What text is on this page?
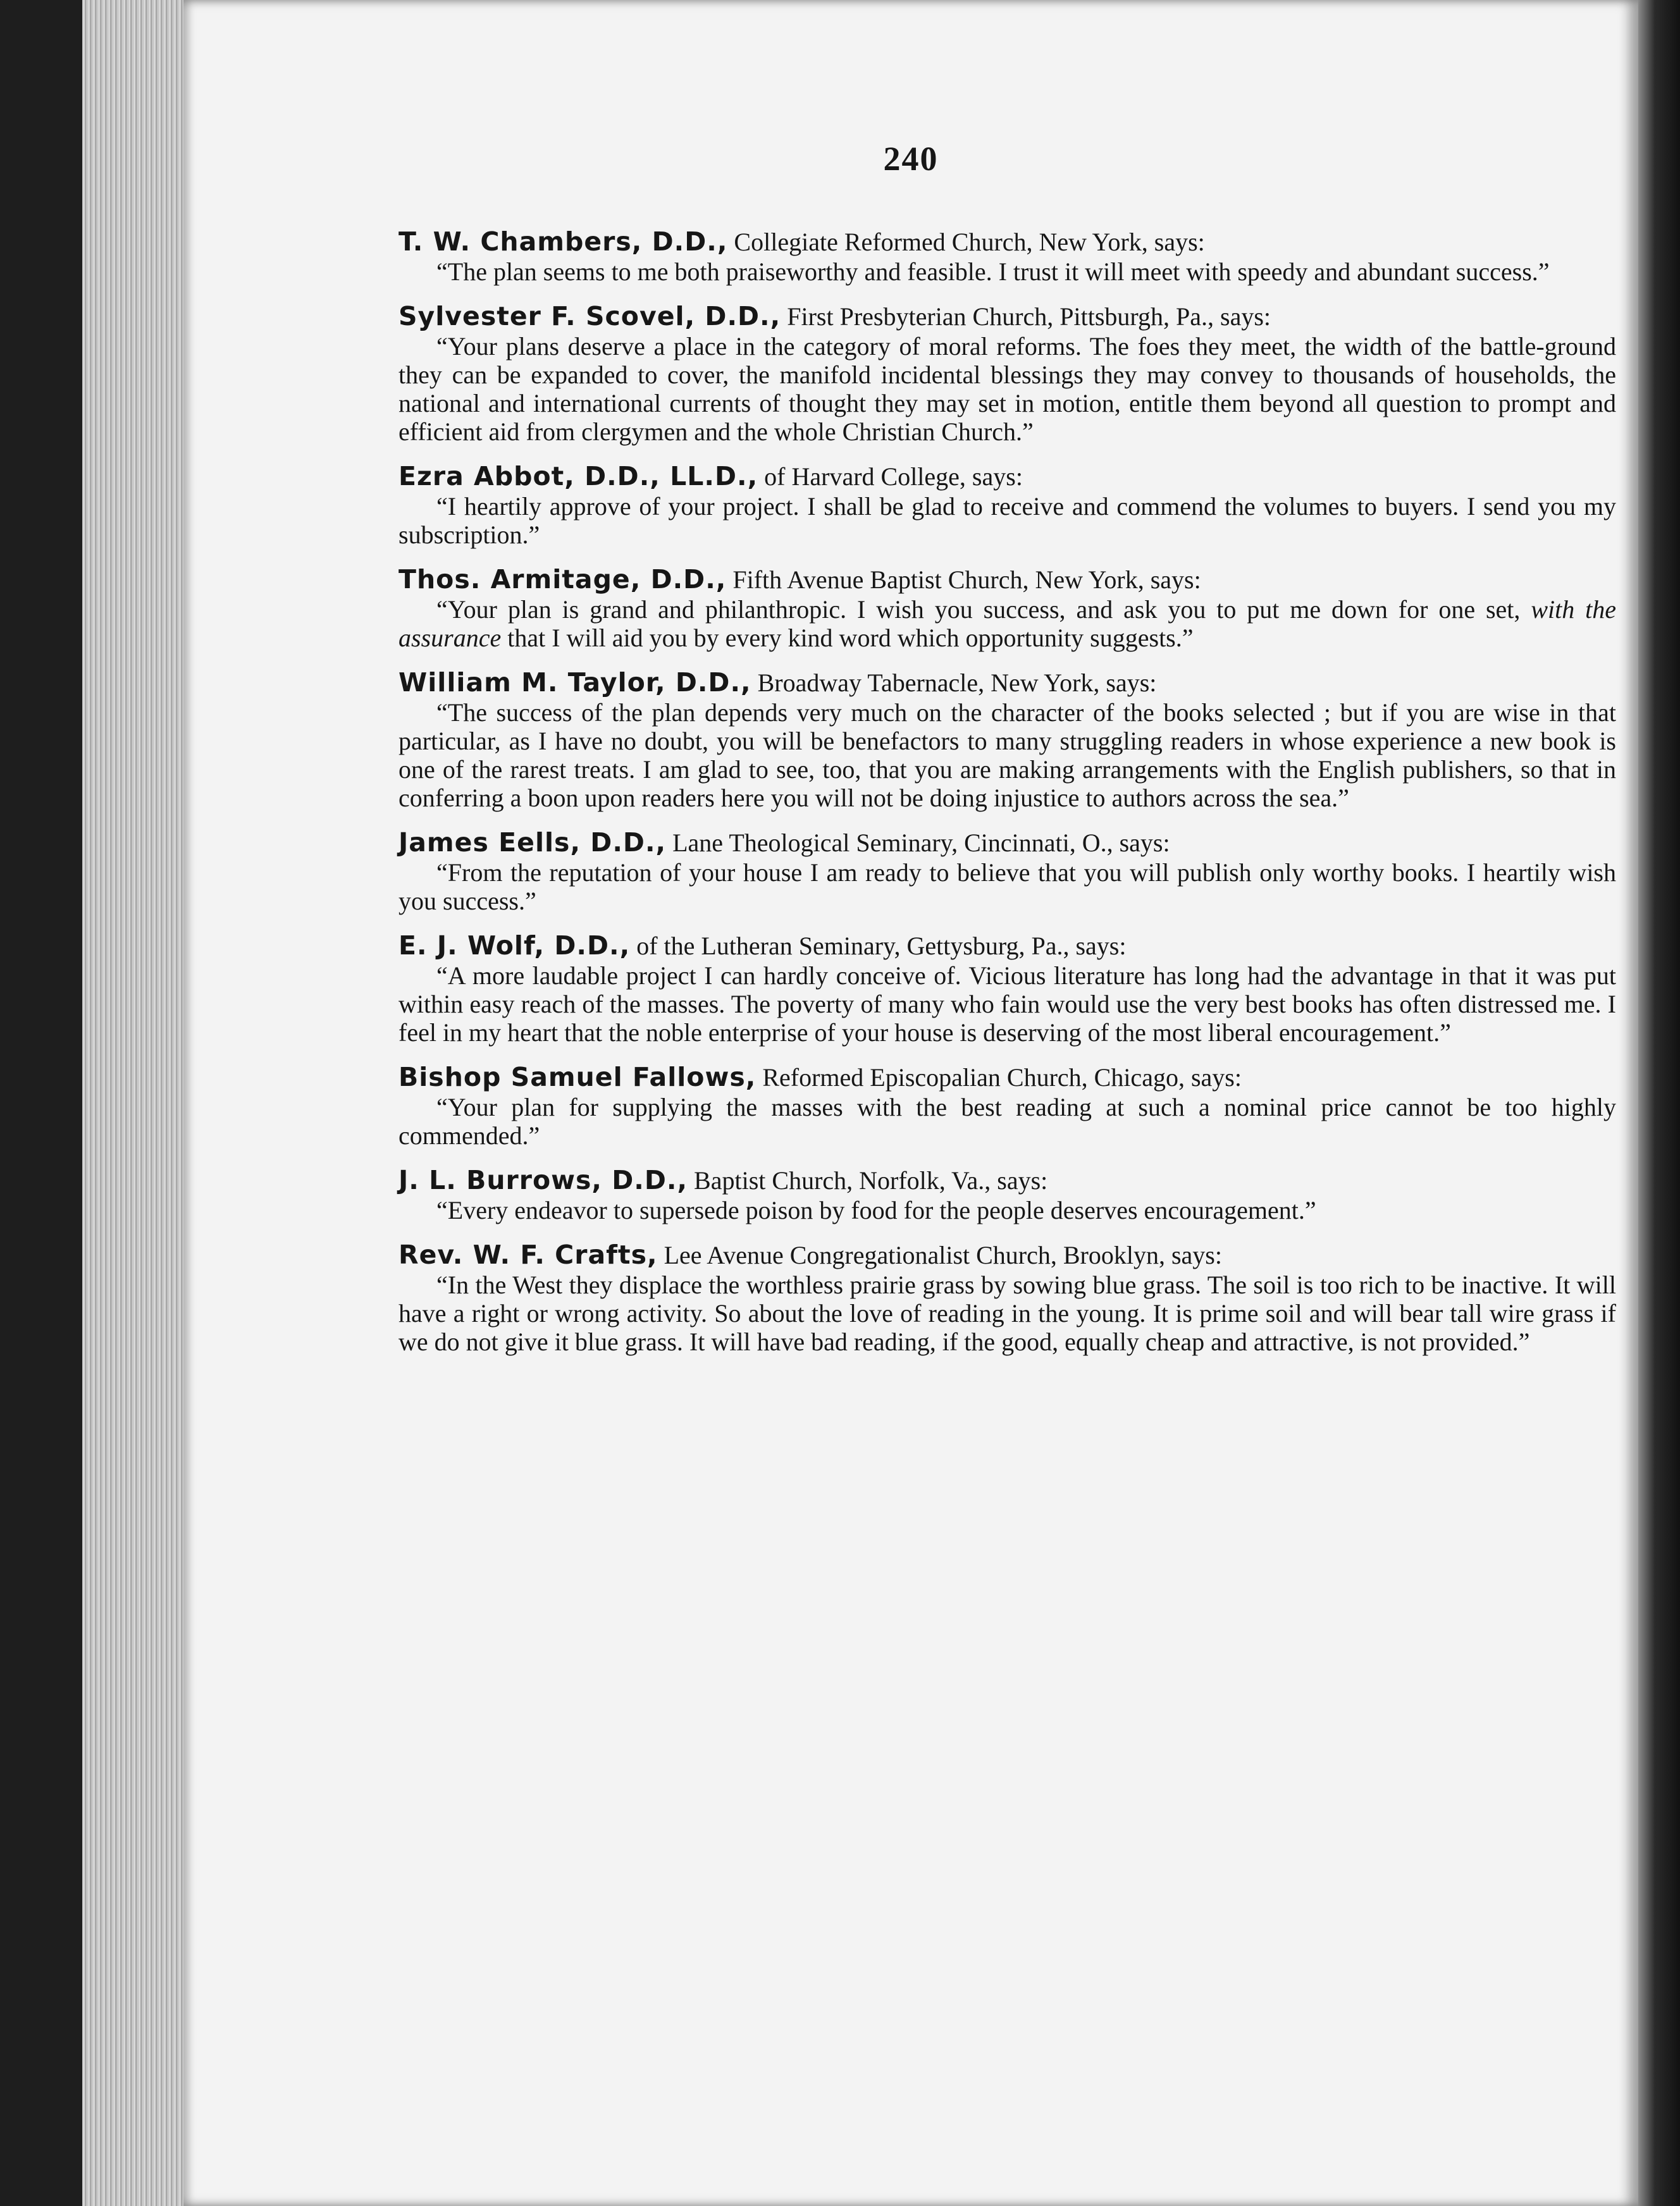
240

T. W. Chambers, D.D., Collegiate Reformed Church, New York, says:

“The plan seems to me both praiseworthy and feasible. I trust it will meet with speedy and abundant success.”

Sylvester F. Scovel, D.D., First Presbyterian Church, Pittsburgh, Pa., says:

“Your plans deserve a place in the category of moral reforms. The foes they meet, the width of the battle-ground they can be expanded to cover, the manifold incidental blessings they may convey to thousands of households, the national and international currents of thought they may set in motion, entitle them beyond all question to prompt and efficient aid from clergymen and the whole Christian Church.”

Ezra Abbot, D.D., LL.D., of Harvard College, says:

“I heartily approve of your project. I shall be glad to receive and commend the volumes to buyers. I send you my subscription.”

Thos. Armitage, D.D., Fifth Avenue Baptist Church, New York, says:

“Your plan is grand and philanthropic. I wish you success, and ask you to put me down for one set, with the assurance that I will aid you by every kind word which opportunity suggests.”

William M. Taylor, D.D., Broadway Tabernacle, New York, says:

“The success of the plan depends very much on the character of the books selected ; but if you are wise in that particular, as I have no doubt, you will be benefactors to many struggling readers in whose experience a new book is one of the rarest treats. I am glad to see, too, that you are making arrangements with the English publishers, so that in conferring a boon upon readers here you will not be doing injustice to authors across the sea.”

James Eells, D.D., Lane Theological Seminary, Cincinnati, O., says:

“From the reputation of your house I am ready to believe that you will publish only worthy books. I heartily wish you success.”

E. J. Wolf, D.D., of the Lutheran Seminary, Gettysburg, Pa., says:

“A more laudable project I can hardly conceive of. Vicious literature has long had the advantage in that it was put within easy reach of the masses. The poverty of many who fain would use the very best books has often distressed me. I feel in my heart that the noble enterprise of your house is deserving of the most liberal encouragement.”

Bishop Samuel Fallows, Reformed Episcopalian Church, Chicago, says:

“Your plan for supplying the masses with the best reading at such a nominal price cannot be too highly commended.”

J. L. Burrows, D.D., Baptist Church, Norfolk, Va., says:

“Every endeavor to supersede poison by food for the people deserves encouragement.”

Rev. W. F. Crafts, Lee Avenue Congregationalist Church, Brooklyn, says:

“In the West they displace the worthless prairie grass by sowing blue grass. The soil is too rich to be inactive. It will have a right or wrong activity. So about the love of reading in the young. It is prime soil and will bear tall wire grass if we do not give it blue grass. It will have bad reading, if the good, equally cheap and attractive, is not provided.”
